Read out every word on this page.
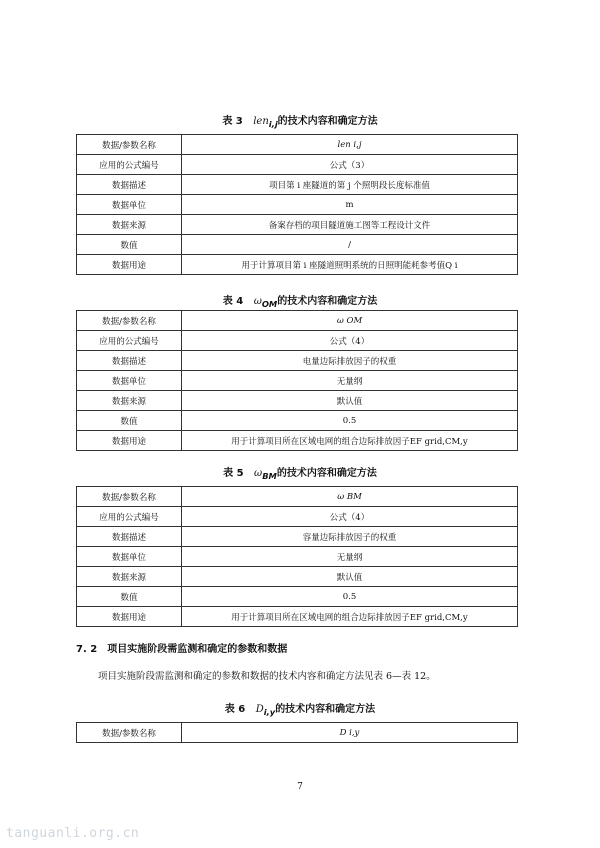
表 3 len$_{i,j}$的技术内容和确定方法
数据/参数名称	len i,j
应用的公式编号	公式（3）
数据描述	项目第 i 座隧道的第 j 个照明段长度标准值
数据单位	m
数据来源	备案存档的项目隧道施工图等工程设计文件
数值	/
数据用途	用于计算项目第 i 座隧道照明系统的日照明能耗参考值Q i
表 4 $\omega_{OM}$的技术内容和确定方法
数据/参数名称	ω OM
应用的公式编号	公式（4）
数据描述	电量边际排放因子的权重
数据单位	无量纲
数据来源	默认值
数值	0.5
数据用途	用于计算项目所在区域电网的组合边际排放因子EF grid,CM,y
表 5 $\omega_{BM}$的技术内容和确定方法
数据/参数名称	ω BM
应用的公式编号	公式（4）
数据描述	容量边际排放因子的权重
数据单位	无量纲
数据来源	默认值
数值	0.5
数据用途	用于计算项目所在区域电网的组合边际排放因子EF grid,CM,y
7. 2　项目实施阶段需监测和确定的参数和数据
项目实施阶段需监测和确定的参数和数据的技术内容和确定方法见表 6—表 12。
表 6 $D_{i,y}$的技术内容和确定方法
数据/参数名称	D i,y
7
tanguanli.org.cn
